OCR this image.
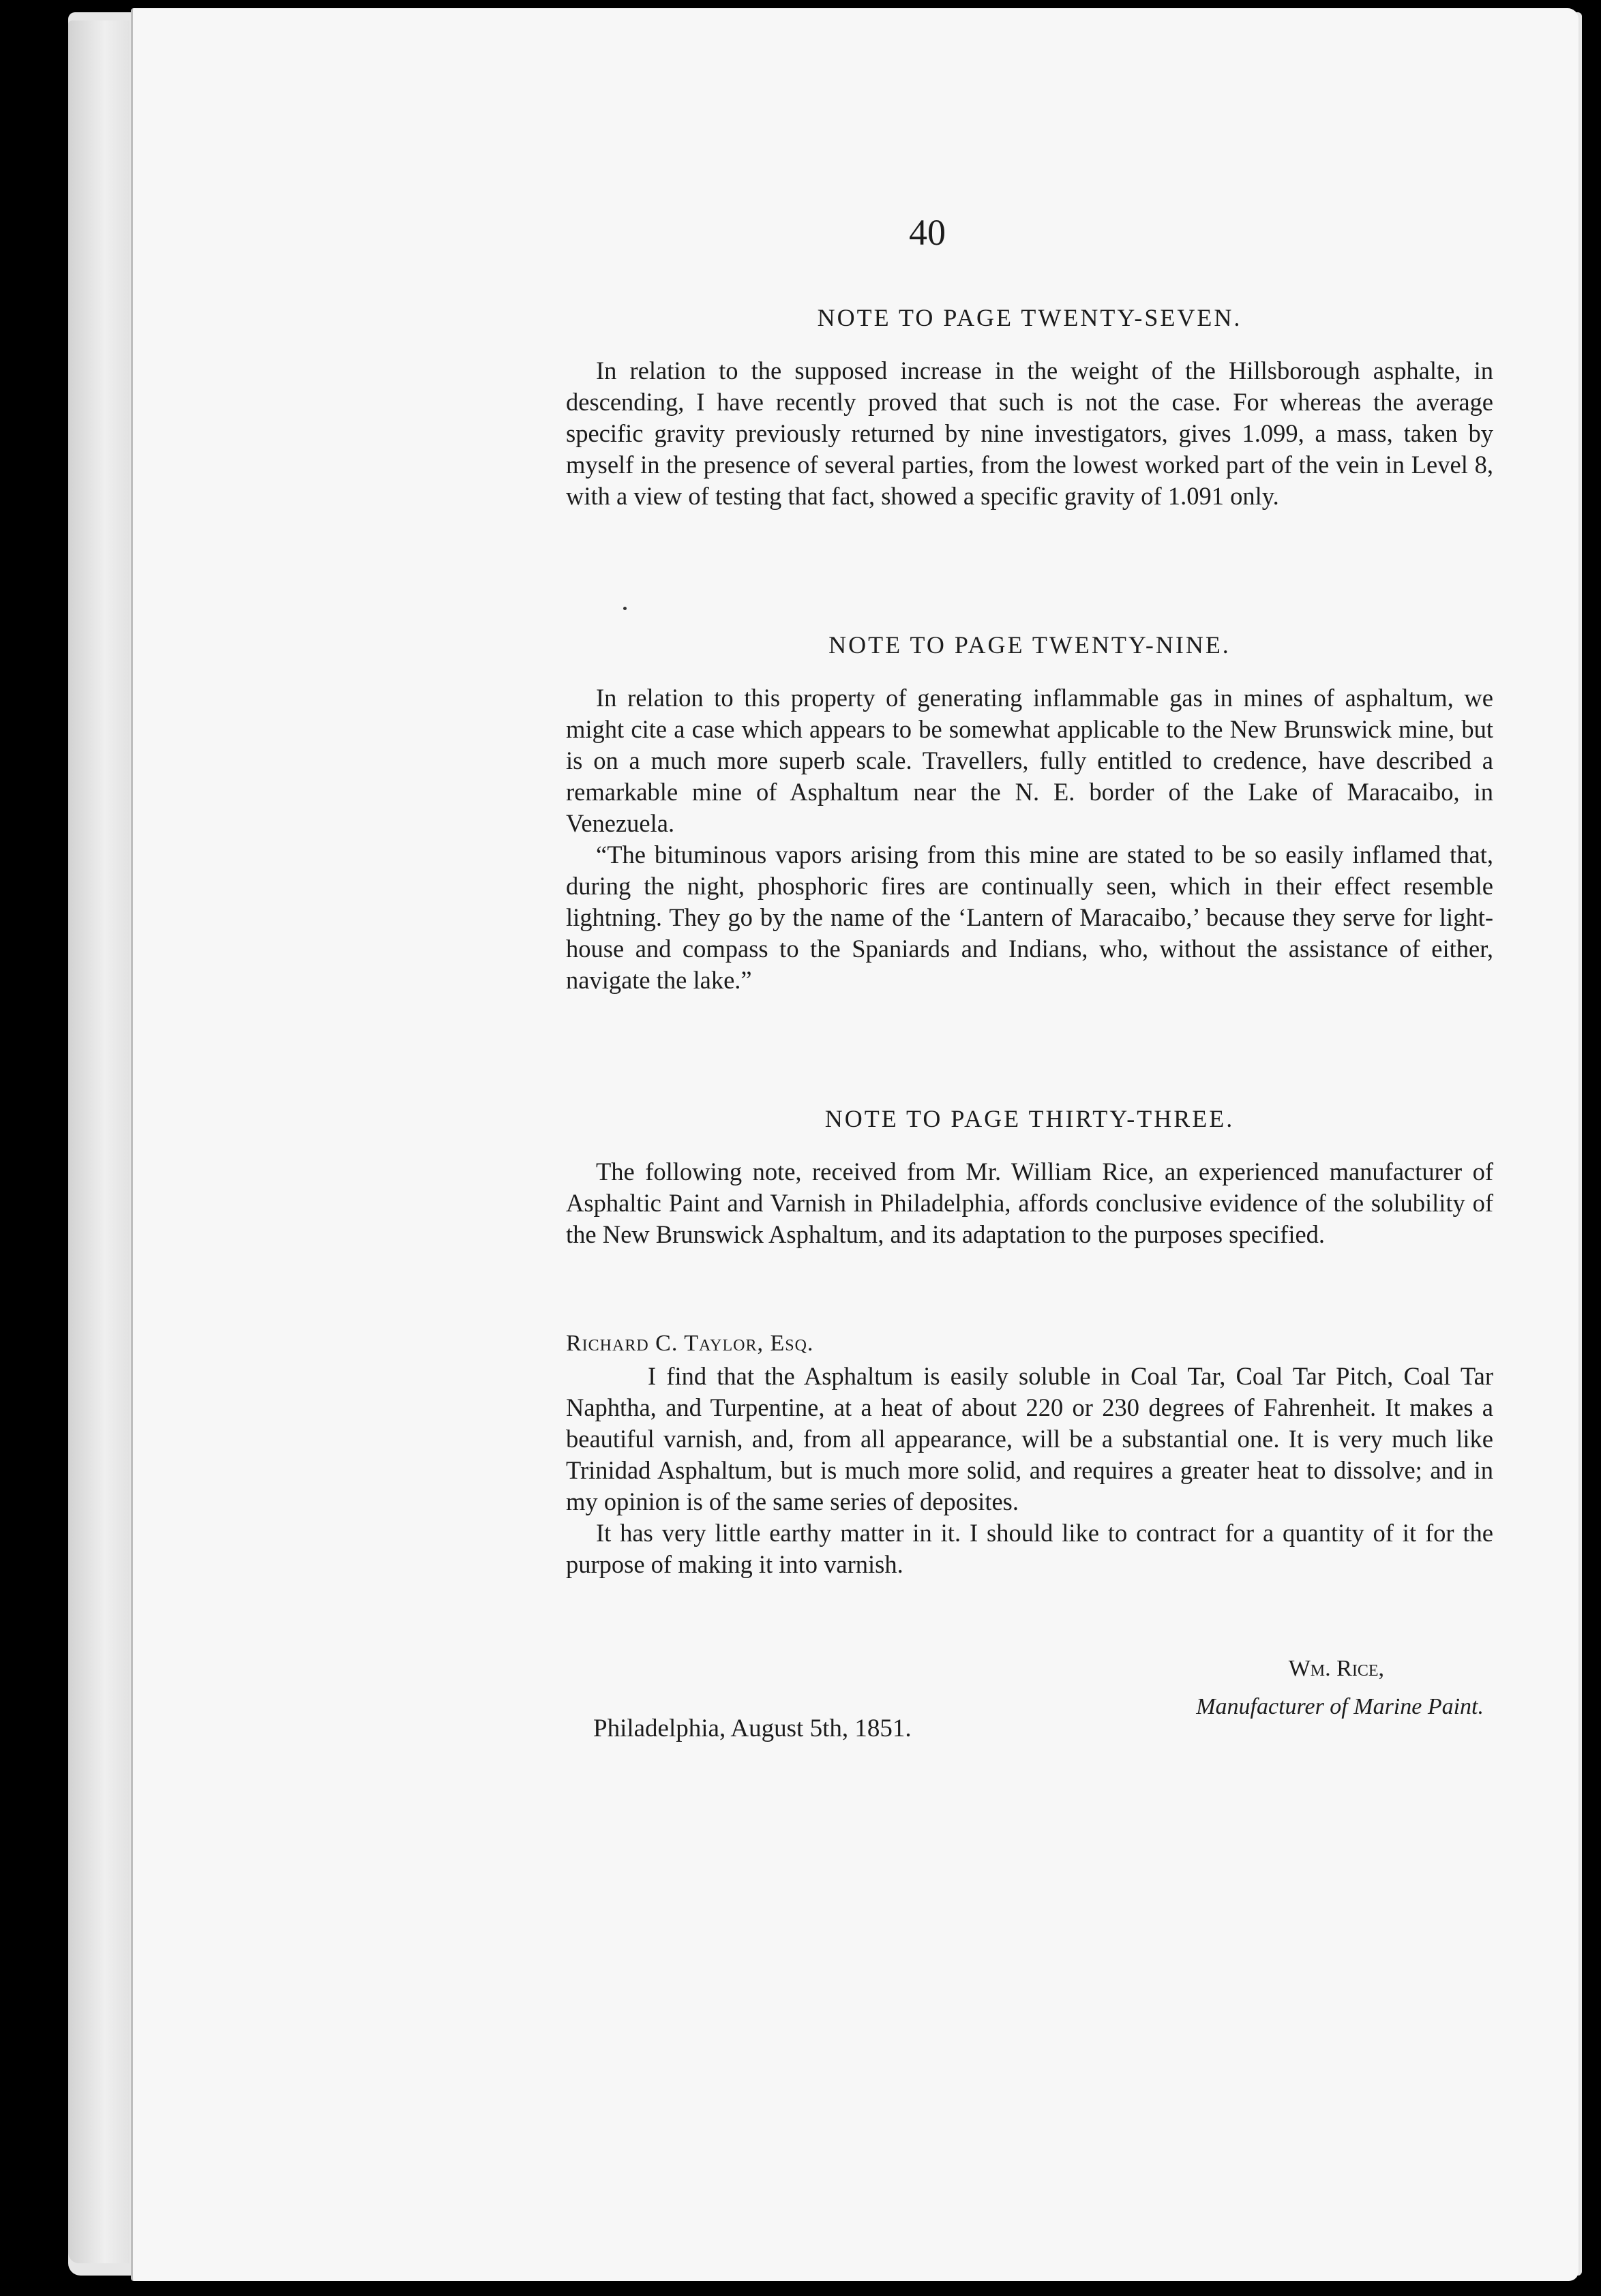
40
NOTE TO PAGE TWENTY-SEVEN.

In relation to the supposed increase in the weight of the Hillsborough asphalte, in descending, I have recently proved that such is not the case. For whereas the average specific gravity previously returned by nine investigators, gives 1.099, a mass, taken by myself in the presence of several parties, from the lowest worked part of the vein in Level 8, with a view of testing that fact, showed a specific gravity of 1.091 only.

NOTE TO PAGE TWENTY-NINE.

In relation to this property of generating inflammable gas in mines of asphaltum, we might cite a case which appears to be somewhat applicable to the New Brunswick mine, but is on a much more superb scale. Travellers, fully entitled to credence, have described a remarkable mine of Asphaltum near the N. E. border of the Lake of Maracaibo, in Venezuela.

“The bituminous vapors arising from this mine are stated to be so easily inflamed that, during the night, phosphoric fires are continually seen, which in their effect resemble lightning. They go by the name of the ‘Lantern of Maracaibo,’ because they serve for light-house and compass to the Spaniards and Indians, who, without the assistance of either, navigate the lake.”

NOTE TO PAGE THIRTY-THREE.

The following note, received from Mr. William Rice, an experienced manufacturer of Asphaltic Paint and Varnish in Philadelphia, affords conclusive evidence of the solubility of the New Brunswick Asphaltum, and its adaptation to the purposes specified.

Richard C. Taylor, Esq.

I find that the Asphaltum is easily soluble in Coal Tar, Coal Tar Pitch, Coal Tar Naphtha, and Turpentine, at a heat of about 220 or 230 degrees of Fahrenheit. It makes a beautiful varnish, and, from all appearance, will be a substantial one. It is very much like Trinidad Asphaltum, but is much more solid, and requires a greater heat to dissolve; and in my opinion is of the same series of deposites.

It has very little earthy matter in it. I should like to contract for a quantity of it for the purpose of making it into varnish.

Wm. Rice,
Manufacturer of Marine Paint.
Philadelphia, August 5th, 1851.
